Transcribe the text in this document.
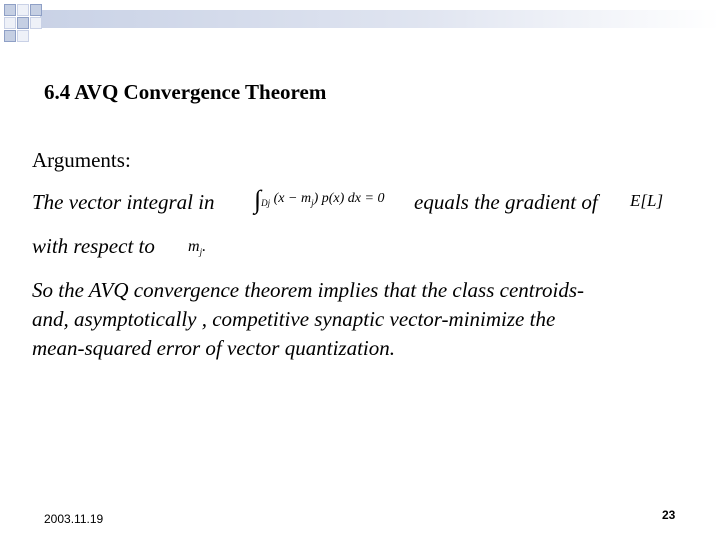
6.4 AVQ Convergence Theorem
Arguments:
The vector integral in $\int_{Dj}$ $(x - m_j)$ p(x) dx = 0 equals the gradient of E[L]
with respect to $m_j$.
So the AVQ convergence theorem implies that the class centroids-
and, asymptotically , competitive synaptic vector-minimize the
mean-squared error of vector quantization.
2003.11.19	23
